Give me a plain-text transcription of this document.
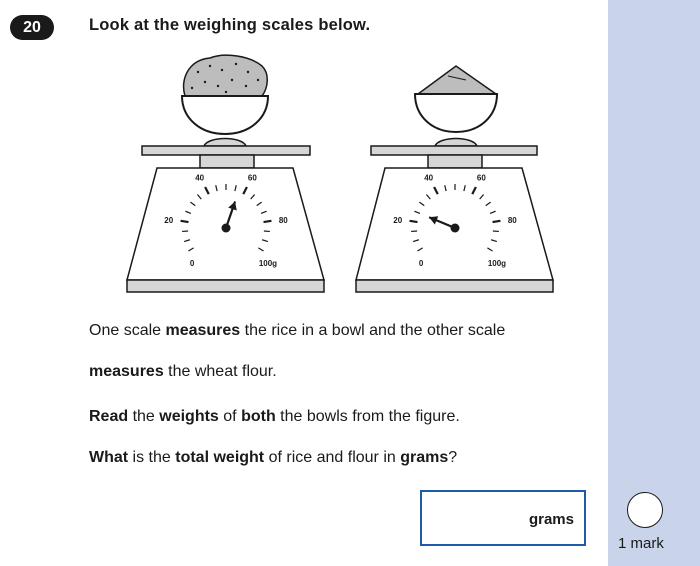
20	Look at the weighing scales below.
0
20
40	60
80
100g	0
20
40	60
80
100g
One scale measures the rice in a bowl and the other scale
measures the wheat flour.
Read the weights of both the bowls from the figure.
What is the total weight of rice and flour in grams?
grams
1 mark
